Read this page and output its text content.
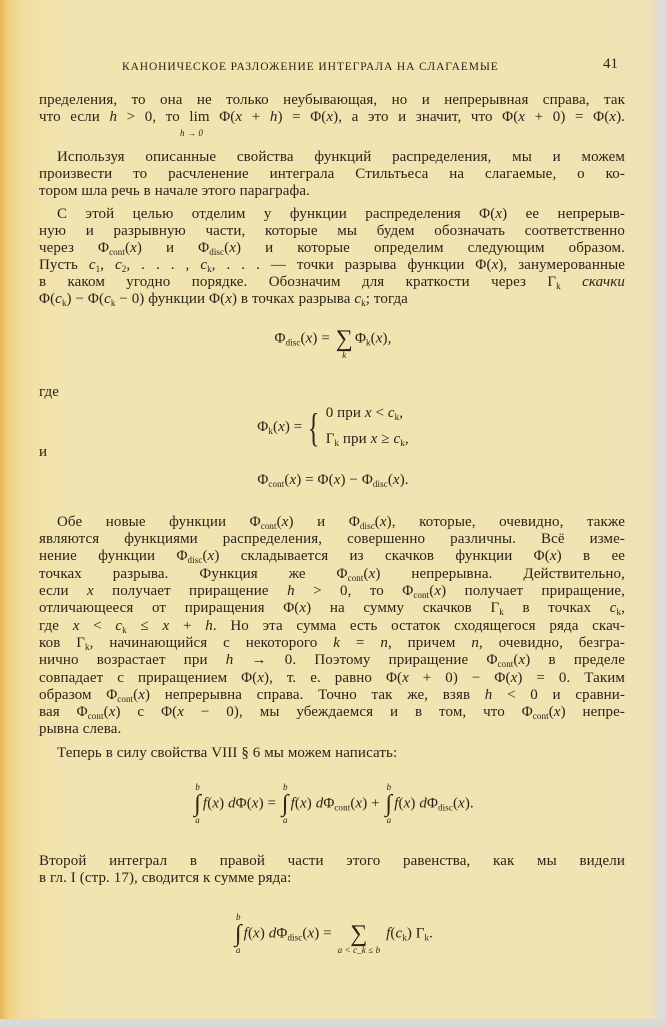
КАНОНИЧЕСКОЕ РАЗЛОЖЕНИЕ ИНТЕГРАЛА НА СЛАГАЕМЫЕ	41
пределения, то она не только неубывающая, но и непрерывная справа, так
что если h > 0, то lim Φ(x + h) = Φ(x), а это и значит, что Φ(x + 0) = Φ(x).
h → 0
Используя описанные свойства функций распределения, мы и можем
произвести то расчленение интеграла Стильтьеса на слагаемые, о ко-
тором шла речь в начале этого параграфа.
С этой целью отделим у функции распределения Φ(x) ее непрерыв-
ную и разрывную части, которые мы будем обозначать соответственно
через $\Phi_{cont}(x)$ и $\Phi_{disc}(x)$ и которые определим следующим образом.
Пусть $c_1$, $c_2$, . . . , $c_k$, . . . — точки разрыва функции Φ(x), занумерованные
в каком угодно порядке. Обозначим для краткости через $\Gamma_k$ скачки
$\Phi(c_k) - \Phi(c_k - 0)$ функции Φ(x) в точках разрыва $c_k$; тогда
$\Phi_{disc}(x)$ =
∑
k
$\Phi_k(x)$,
где
$\Phi_k(x)$ = { 0 при $x < c_k$,
$\Gamma_k$ при $x \ge c_k$,
и
$\Phi_{cont}(x) = \Phi(x) - \Phi_{disc}(x)$.
Обе новые функции $\Phi_{cont}(x)$ и $\Phi_{disc}(x)$, которые, очевидно, также
являются функциями распределения, совершенно различны. Всё изме-
нение функции $\Phi_{disc}(x)$ складывается из скачков функции Φ(x) в ее
точках разрыва. Функция же $\Phi_{cont}(x)$ непрерывна. Действительно,
если x получает приращение h > 0, то $\Phi_{cont}(x)$ получает приращение,
отличающееся от приращения Φ(x) на сумму скачков $\Gamma_k$ в точках $c_k$,
где $x < c_k \le x + h$. Но эта сумма есть остаток сходящегося ряда скач-
ков $\Gamma_k$, начинающийся с некоторого k = n, причем n, очевидно, безгра-
нично возрастает при h → 0. Поэтому приращение $\Phi_{cont}(x)$ в пределе
совпадает с приращением Φ(x), т. е. равно Φ(x + 0) − Φ(x) = 0. Таким
образом $\Phi_{cont}(x)$ непрерывна справа. Точно так же, взяв h < 0 и сравни-
вая $\Phi_{cont}(x)$ с Φ(x − 0), мы убеждаемся и в том, что $\Phi_{cont}(x)$ непре-
рывна слева.
Теперь в силу свойства VIII § 6 мы можем написать:
b
∫
a
f(x) dΦ(x) =
b
∫
a
f(x) $d\Phi_{cont}(x)$ +
b
∫
a
f(x) $d\Phi_{disc}(x)$.
Второй интеграл в правой части этого равенства, как мы видели
в гл. I (стр. 17), сводится к сумме ряда:
b
∫
a
f(x) $d\Phi_{disc}(x)$ =
∑
a < c_k ≤ b
$f(c_k)$ $\Gamma_k$.
